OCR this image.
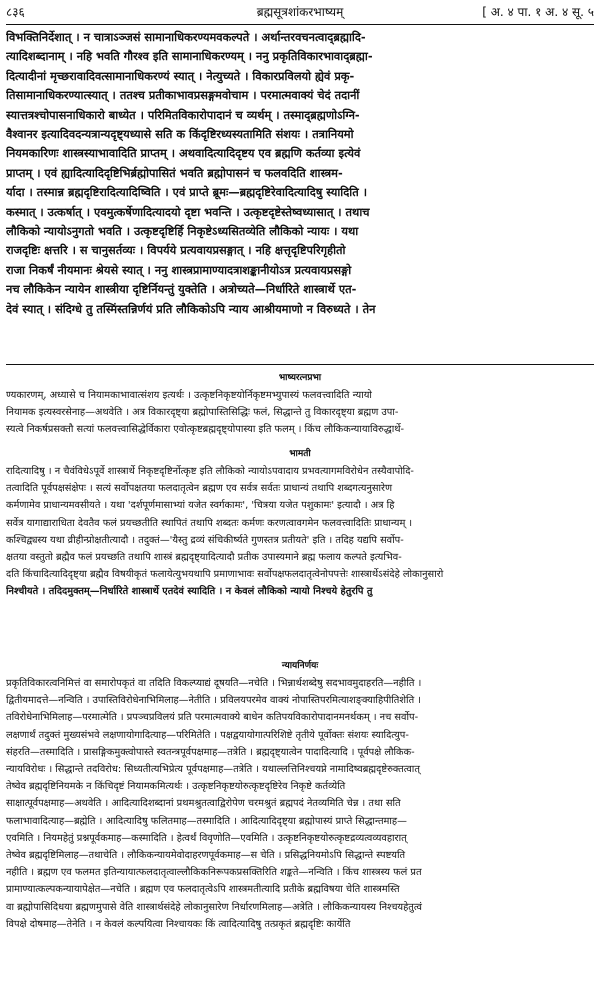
८३६	ब्रह्मसूत्रशांकरभाष्यम्	[ अ. ४ पा. १ अ. ४ सू. ५
विभक्तिनिर्देशात् । न चात्राऽञ्जसं सामानाधिकरण्यमवकल्पते । अर्थान्तरवचनत्वाद्ब्रह्मादि-
त्यादिशब्दानाम् । नहि भवति गौरश्व इति सामानाधिकरण्यम् । ननु प्रकृतिविकारभावाद्ब्रह्मा-
दित्यादीनां मृच्छरावादिवत्सामानाधिकरण्यं स्यात् । नेत्युच्यते । विकारप्रविलयो ह्येवं प्रकृ-
तिसामानाधिकरण्यात्स्यात् । ततश्च प्रतीकाभावप्रसङ्गमवोचाम । परमात्मवाक्यं चेदं तदानीं
स्यात्तत्रश्चोपासनाधिकारो बाध्येत । परिमितविकारोपादानं च व्यर्थम् । तस्माद्ब्रह्मणोऽग्नि-
वैश्वानर इत्यादिवदन्यत्रान्यदृष्ट्यध्यासे सति क किंदृष्टिरध्यस्यतामिति संशयः । तत्रानियमो
नियमकारिणः शास्त्रस्याभावादिति प्राप्तम् । अथवादित्यादिदृष्टय एव ब्रह्मणि कर्तव्या इत्येवं
प्राप्तम् । एवं ह्यादित्यादिदृष्टिभिर्ब्रह्मोपासितं भवति ब्रह्मोपासनं च फलवदिति शास्त्रम-
र्यादा । तस्मान्न ब्रह्मदृष्टिरादित्यादिष्विति । एवं प्राप्ते ब्रूमः—ब्रह्मदृष्टिरेवादित्यादिषु स्यादिति ।
कस्मात् । उत्कर्षात् । एवमुत्कर्षेणादित्यादयो दृष्टा भवन्ति । उत्कृष्टदृष्टेस्तेष्वध्यासात् । तथाच
लौकिको न्यायोऽनुगतो भवति । उत्कृष्टदृष्टिर्हि निकृष्टेऽध्यसितव्येति लौकिको न्यायः । यथा
राजदृष्टिः क्षत्तरि । स चानुसर्तव्यः । विपर्यये प्रत्यवायप्रसङ्गात् । नहि क्षत्तृदृष्टिपरिगृहीतो
राजा निकर्षं नीयमानः श्रेयसे स्यात् । ननु शास्त्रप्रामाण्यादत्राशङ्कानीयोऽत्र प्रत्यवायप्रसङ्गो
नच लौकिकेन न्यायेन शास्त्रीया दृष्टिर्नियन्तुं युक्तेति । अत्रोच्यते—निर्धारिते शास्त्रार्थे एत-
देवं स्यात् । संदिग्धे तु तस्मिंस्तन्निर्णयं प्रति लौकिकोऽपि न्याय आश्रीयमाणो न विरुध्यते । तेन
भाष्यरत्नप्रभा
ण्यकारणम्, अध्यासे च नियामकाभावात्संशय इत्यर्थः । उत्कृष्टनिकृष्टयोर्निकृष्टमभ्युपास्यं फलवत्त्वादिति न्यायो
नियामक इत्यस्वरसेनाह—अथवेति । अत्र विकारदृष्ट्या ब्रह्मोपास्तिसिद्धिः फलं, सिद्धान्ते तु विकारदृष्ट्या ब्रह्मण उपा-
स्यत्वे निकर्षप्रसक्तौ सत्यां फलवत्त्वासिद्धेर्विकारा एवोत्कृष्टब्रह्मदृष्ट्योपास्या इति फलम् । किंच लौकिकन्यायाविरुद्धार्थे-
भामती
रादित्यादिषु । न चैवंविधेऽपूर्वे शास्त्रार्थे निकृष्टदृष्टिर्नोत्कृष्ट इति लौकिको न्यायोऽपवादाय प्रभवत्यागमविरोधेन तस्यैवापोदि-
तत्वादिति पूर्वपक्षसंक्षेपः । सत्यं सर्वोपक्षतया फलदातृत्वेन ब्रह्मण एव सर्वत्र सर्वतः प्राधान्यं तथापि शब्दगत्यनुसारेण
कर्मणामेव प्राधान्यमवसीयते । यथा 'दर्शपूर्णमासाभ्यां यजेत स्वर्गकामः', 'चित्रया यजेत पशुकामः' इत्यादौ । अत्र हि
सर्वेत्र यागाद्याराधिता देवतैव फलं प्रयच्छतीति स्थापितं तथापि शब्दतः कर्मणः करणत्वावगमेन फलवत्त्वादितिः प्राधान्यम् ।
कश्चिद्व्यस्य यथा व्रीहीन्प्रोक्षतीत्यादौ । तदुक्तं—'यैस्तु द्रव्यं संचिकीर्ष्यते गुणस्तत्र प्रतीयते' इति । तदिह यद्यपि सर्वोप-
क्षतया वस्तुतो ब्रह्मैव फलं प्रयच्छति तथापि शास्त्रं ब्रह्मदृष्ट्यादित्यादौ प्रतीक उपास्यमाने ब्रह्म फलाय कल्पते इत्यभिव-
दति किंचादित्यादिदृष्ट्या ब्रह्मैव विषयीकृतं फलायेत्युभयथापि प्रमाणाभावः सर्वोपक्षफलदातृत्वेनोपपत्तेः शास्त्रार्थेऽसंदेहे लोकानुसारो
निश्चीयते । तदिदमुक्तम्—निर्धारिते शास्त्रार्थे एतदेवं स्यादिति । न केवलं लौकिको न्यायो निश्चये हेतुरपि तु
न्यायनिर्णयः
प्रकृतिविकारत्वनिमित्तं वा समारोपकृतं वा तदिति विकल्प्याद्यं दूषयति—नचेति । भिन्नार्थशब्देषु सदभावमुदाहरति—नहीति ।
द्वितीयमादत्ते—नन्विति । उपास्तिविरोधेनाभिमिलाह—नेतीति । प्रविलयपरमेव वाक्यं नोपास्तिपरमित्याशङ्क्याहिपीतिशेति ।
तविरोधेनाभिमिलाह—परमात्मेति । प्रपञ्चप्रविलयं प्रति परमात्मवाक्ये बाधेन कतिपयविकारोपादानमनर्थकम् । नच सर्वोप-
लक्षणार्थं तदुक्तं मुख्यसंभवे लक्षणायोगादित्याह—परिमितेति । पक्षद्वयायोगात्परिशिष्टे तृतीये पूर्वोक्तः संशयः स्यादित्युप-
संहरति—तस्मादिति । प्रासङ्गिकमुक्त्वोपास्ते स्वतन्त्रपूर्वपक्षमाह—तत्रेति । ब्रह्मदृष्ट्यात्वेन पादादित्यादि । पूर्वपक्षे लौकिक-
न्यायविरोधः । सिद्धान्ते तदविरोध: सिध्यतीत्यभिप्रेत्य पूर्वपक्षमाह—तत्रेति । यथाल्लत्तिनिश्चयप्ने नामादिष्वब्रह्मदृष्टेरुक्तत्वात्
तेष्वेव ब्रह्मदृष्टिनियमके न किंचिदृष्टं नियामकमित्यर्थः । उत्कृष्टनिकृष्टयोरुत्कृष्टदृष्टिरेव निकृष्टे कर्तव्येति
साक्षात्पूर्वपक्षमाह—अथवेति । आदित्यादिशब्दानां प्रथमश्रुतत्वाद्विरोपेण चरमश्रुतं ब्रह्मपदं नेतव्यमिति चेन्न । तथा सति
फलाभावादित्याह—ब्रह्मेति । आदित्यादिषु फलितमाह—तस्मादिति । आदित्यादिदृष्ट्या ब्रह्मोपास्यं प्राप्ते सिद्धान्तमाह—
एवमिति । नियमहेतुं प्रश्नपूर्वकमाह—कस्मादिति । हेत्वर्थं विवृणोति—एवमिति । उत्कृष्टनिकृष्टयोरुत्कृष्टद्रव्यत्वव्यवहारात्
तेष्वेव ब्रह्मदृष्टिमिलाह—तथाचेति । लौकिकन्यायमेवोदाहरणपूर्वकमाह—स चेति । प्रसिद्धनियमोऽपि सिद्धान्ते स्पष्टयति
नहीति । ब्रह्मण एव फलमत इतिन्यायात्फलदातृत्वाल्लौकिकनिरूपकप्रसक्तिरिति शङ्कते—नन्विति । किंच शास्त्रस्य फलं प्रत
प्रामाण्यात्कल्पकन्यायापेक्षेत—नचेति । ब्रह्मण एव फलदातृत्वेऽपि शास्त्रमतीत्यादि प्रतीके ब्रह्मविषया चेति शास्त्रमस्ति
वा ब्रह्मोपासिदिधया ब्रह्मणमुपासे वेति शास्त्रार्थसंदेहे लोकानुसारेण निर्धारणमिलाह—अत्रेति । लौकिकन्यायस्य निश्चयहेतुत्वं
विपक्षे दोषमाह—तेनेति । न केवलं कल्पयित्वा निश्चायकः किं त्वादित्यादिषु तत्प्रकृतं ब्रह्मदृष्टिः कार्येति
